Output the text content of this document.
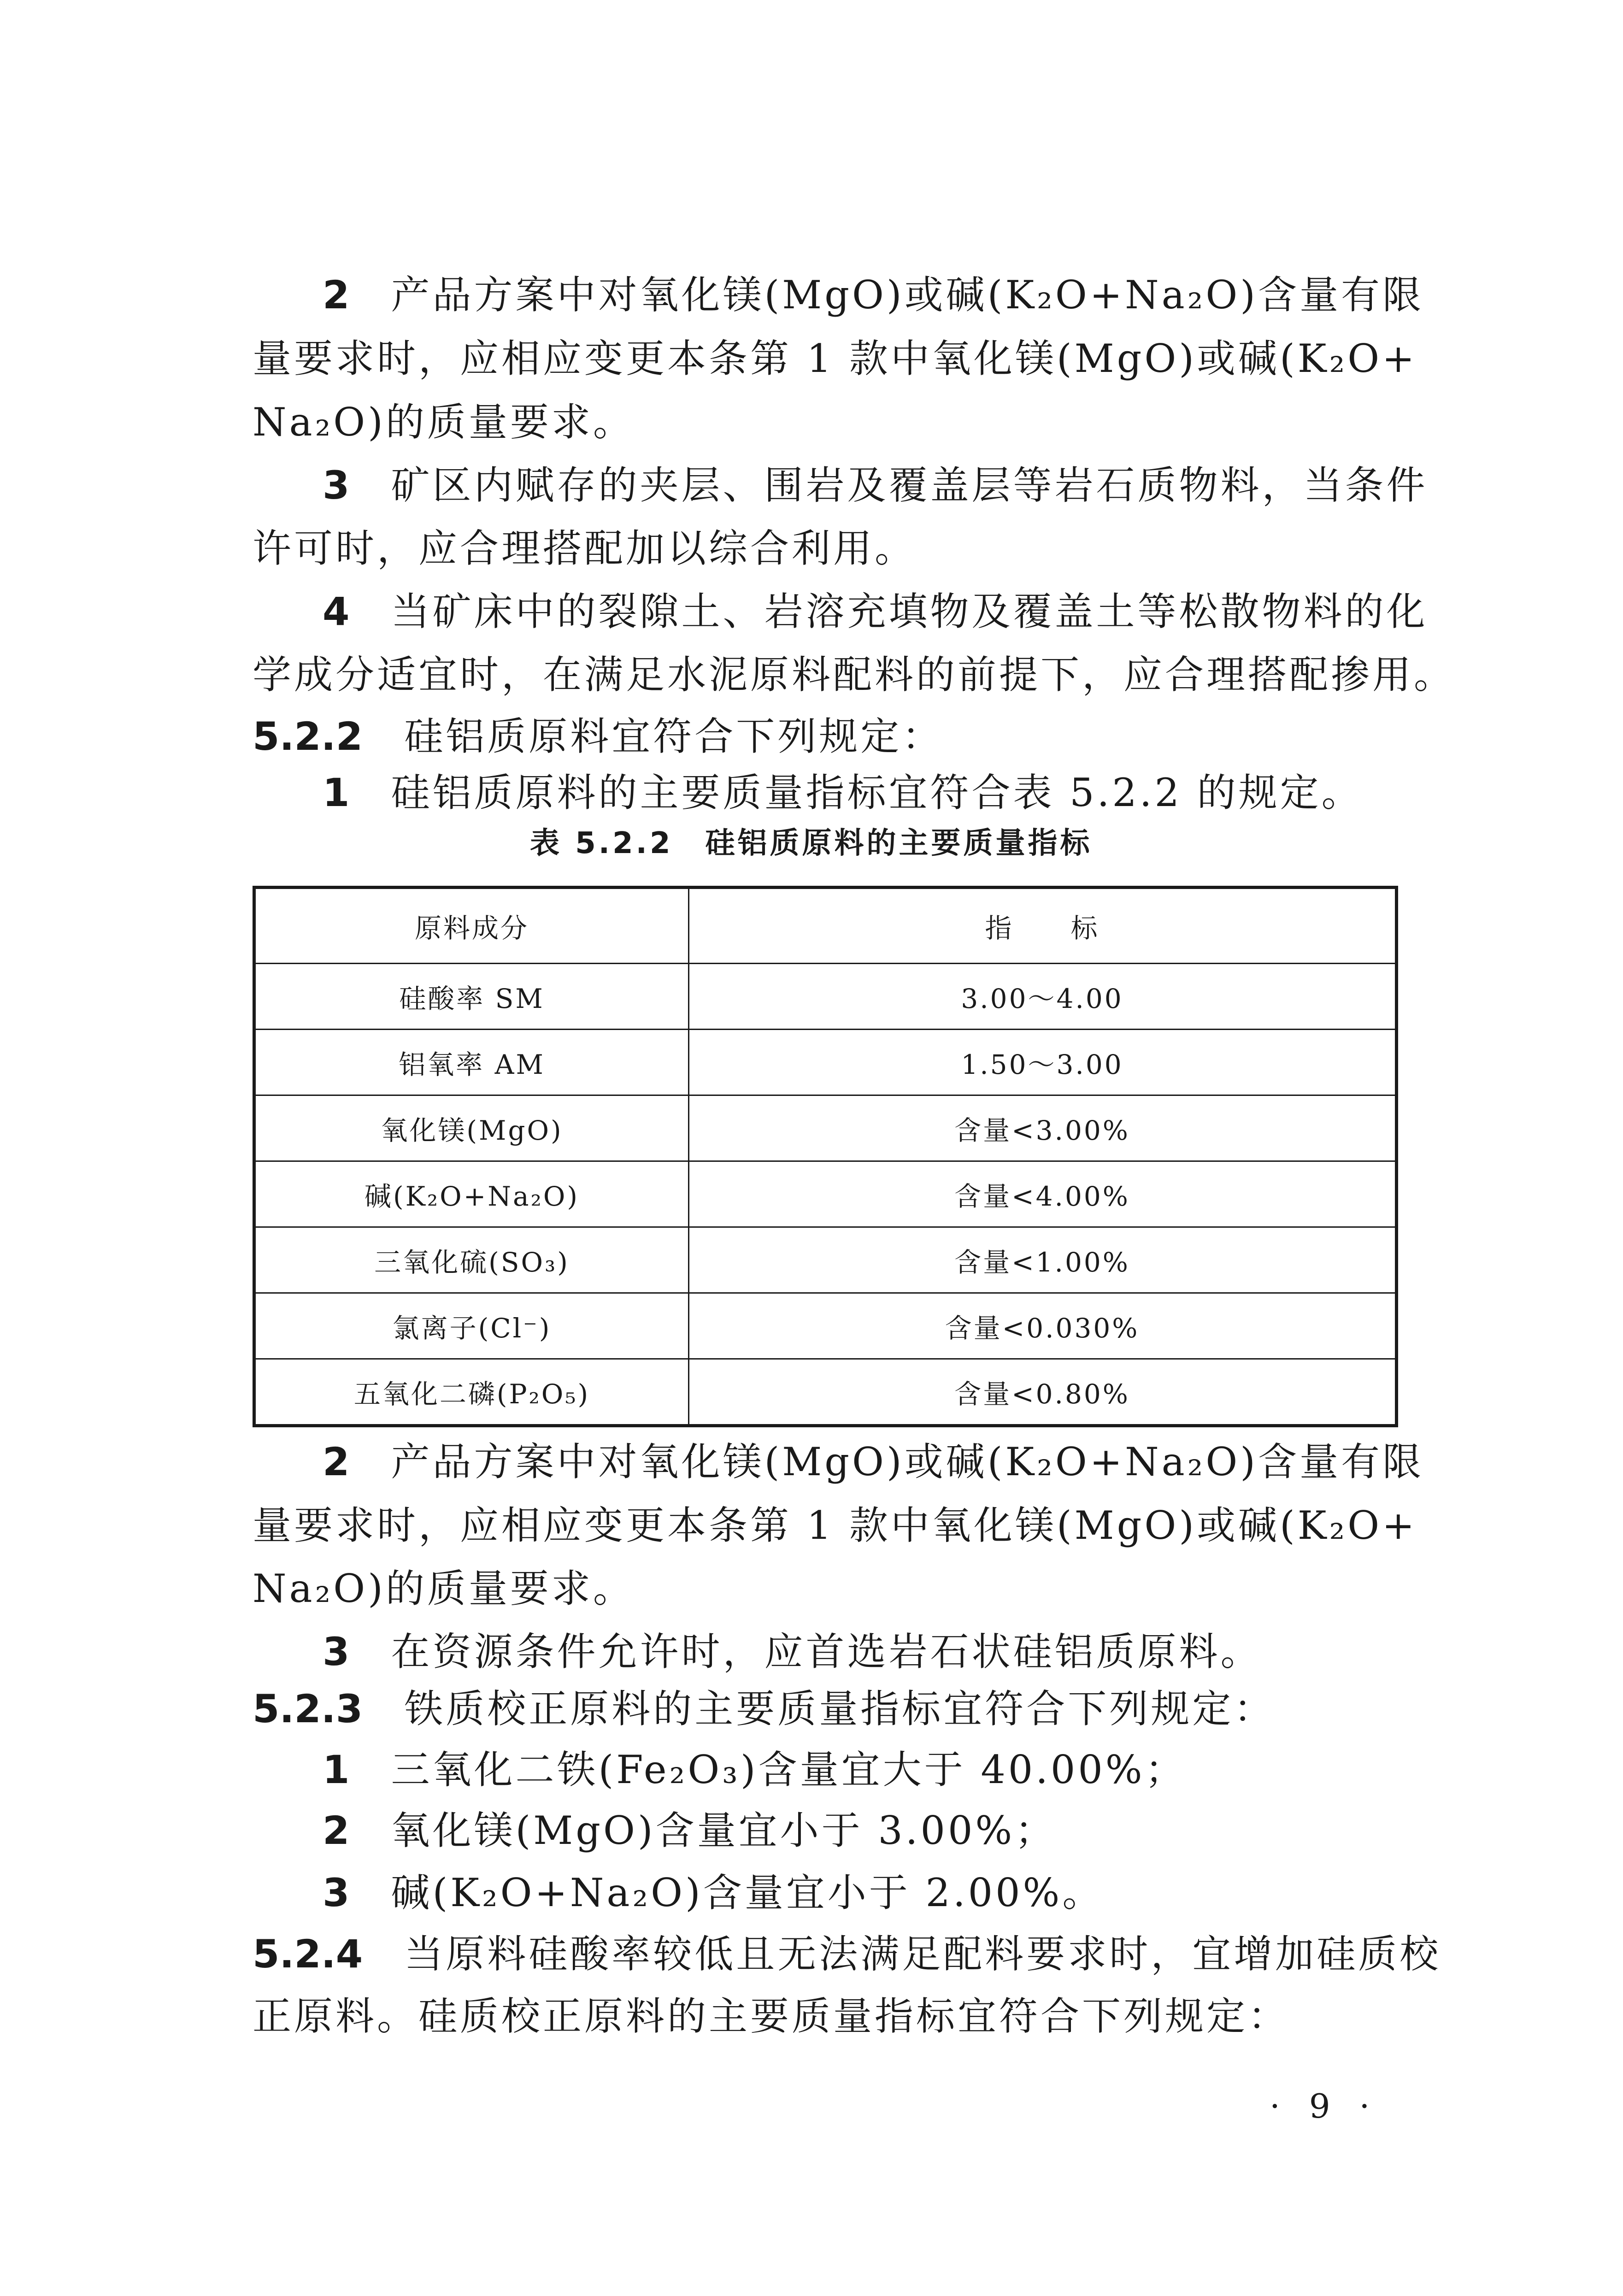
2　 产品方案中对氧化镁(MgO)或碱(K₂O+Na₂O)含量有限
量要求时，应相应变更本条第 1 款中氧化镁(MgO)或碱(K₂O+
Na₂O)的质量要求。
3　 矿区内赋存的夹层、围岩及覆盖层等岩石质物料，当条件
许可时，应合理搭配加以综合利用。
4　 当矿床中的裂隙土、岩溶充填物及覆盖土等松散物料的化
学成分适宜时，在满足水泥原料配料的前提下，应合理搭配掺用。
5.2.2　 硅铝质原料宜符合下列规定：
1　 硅铝质原料的主要质量指标宜符合表 5.2.2 的规定。
表 5.2.2　硅铝质原料的主要质量指标
原料成分	指　　标
硅酸率 SM	3.00～4.00
铝氧率 AM	1.50～3.00
氧化镁(MgO)	含量<3.00%
碱(K₂O+Na₂O)	含量<4.00%
三氧化硫(SO₃)	含量<1.00%
氯离子(Cl⁻)	含量<0.030%
五氧化二磷(P₂O₅)	含量<0.80%
2　 产品方案中对氧化镁(MgO)或碱(K₂O+Na₂O)含量有限
量要求时，应相应变更本条第 1 款中氧化镁(MgO)或碱(K₂O+
Na₂O)的质量要求。
3　 在资源条件允许时，应首选岩石状硅铝质原料。
5.2.3　 铁质校正原料的主要质量指标宜符合下列规定：
1　 三氧化二铁(Fe₂O₃)含量宜大于 40.00%；
2　 氧化镁(MgO)含量宜小于 3.00%；
3　 碱(K₂O+Na₂O)含量宜小于 2.00%。
5.2.4　 当原料硅酸率较低且无法满足配料要求时，宜增加硅质校
正原料。硅质校正原料的主要质量指标宜符合下列规定：
· 9 ·
